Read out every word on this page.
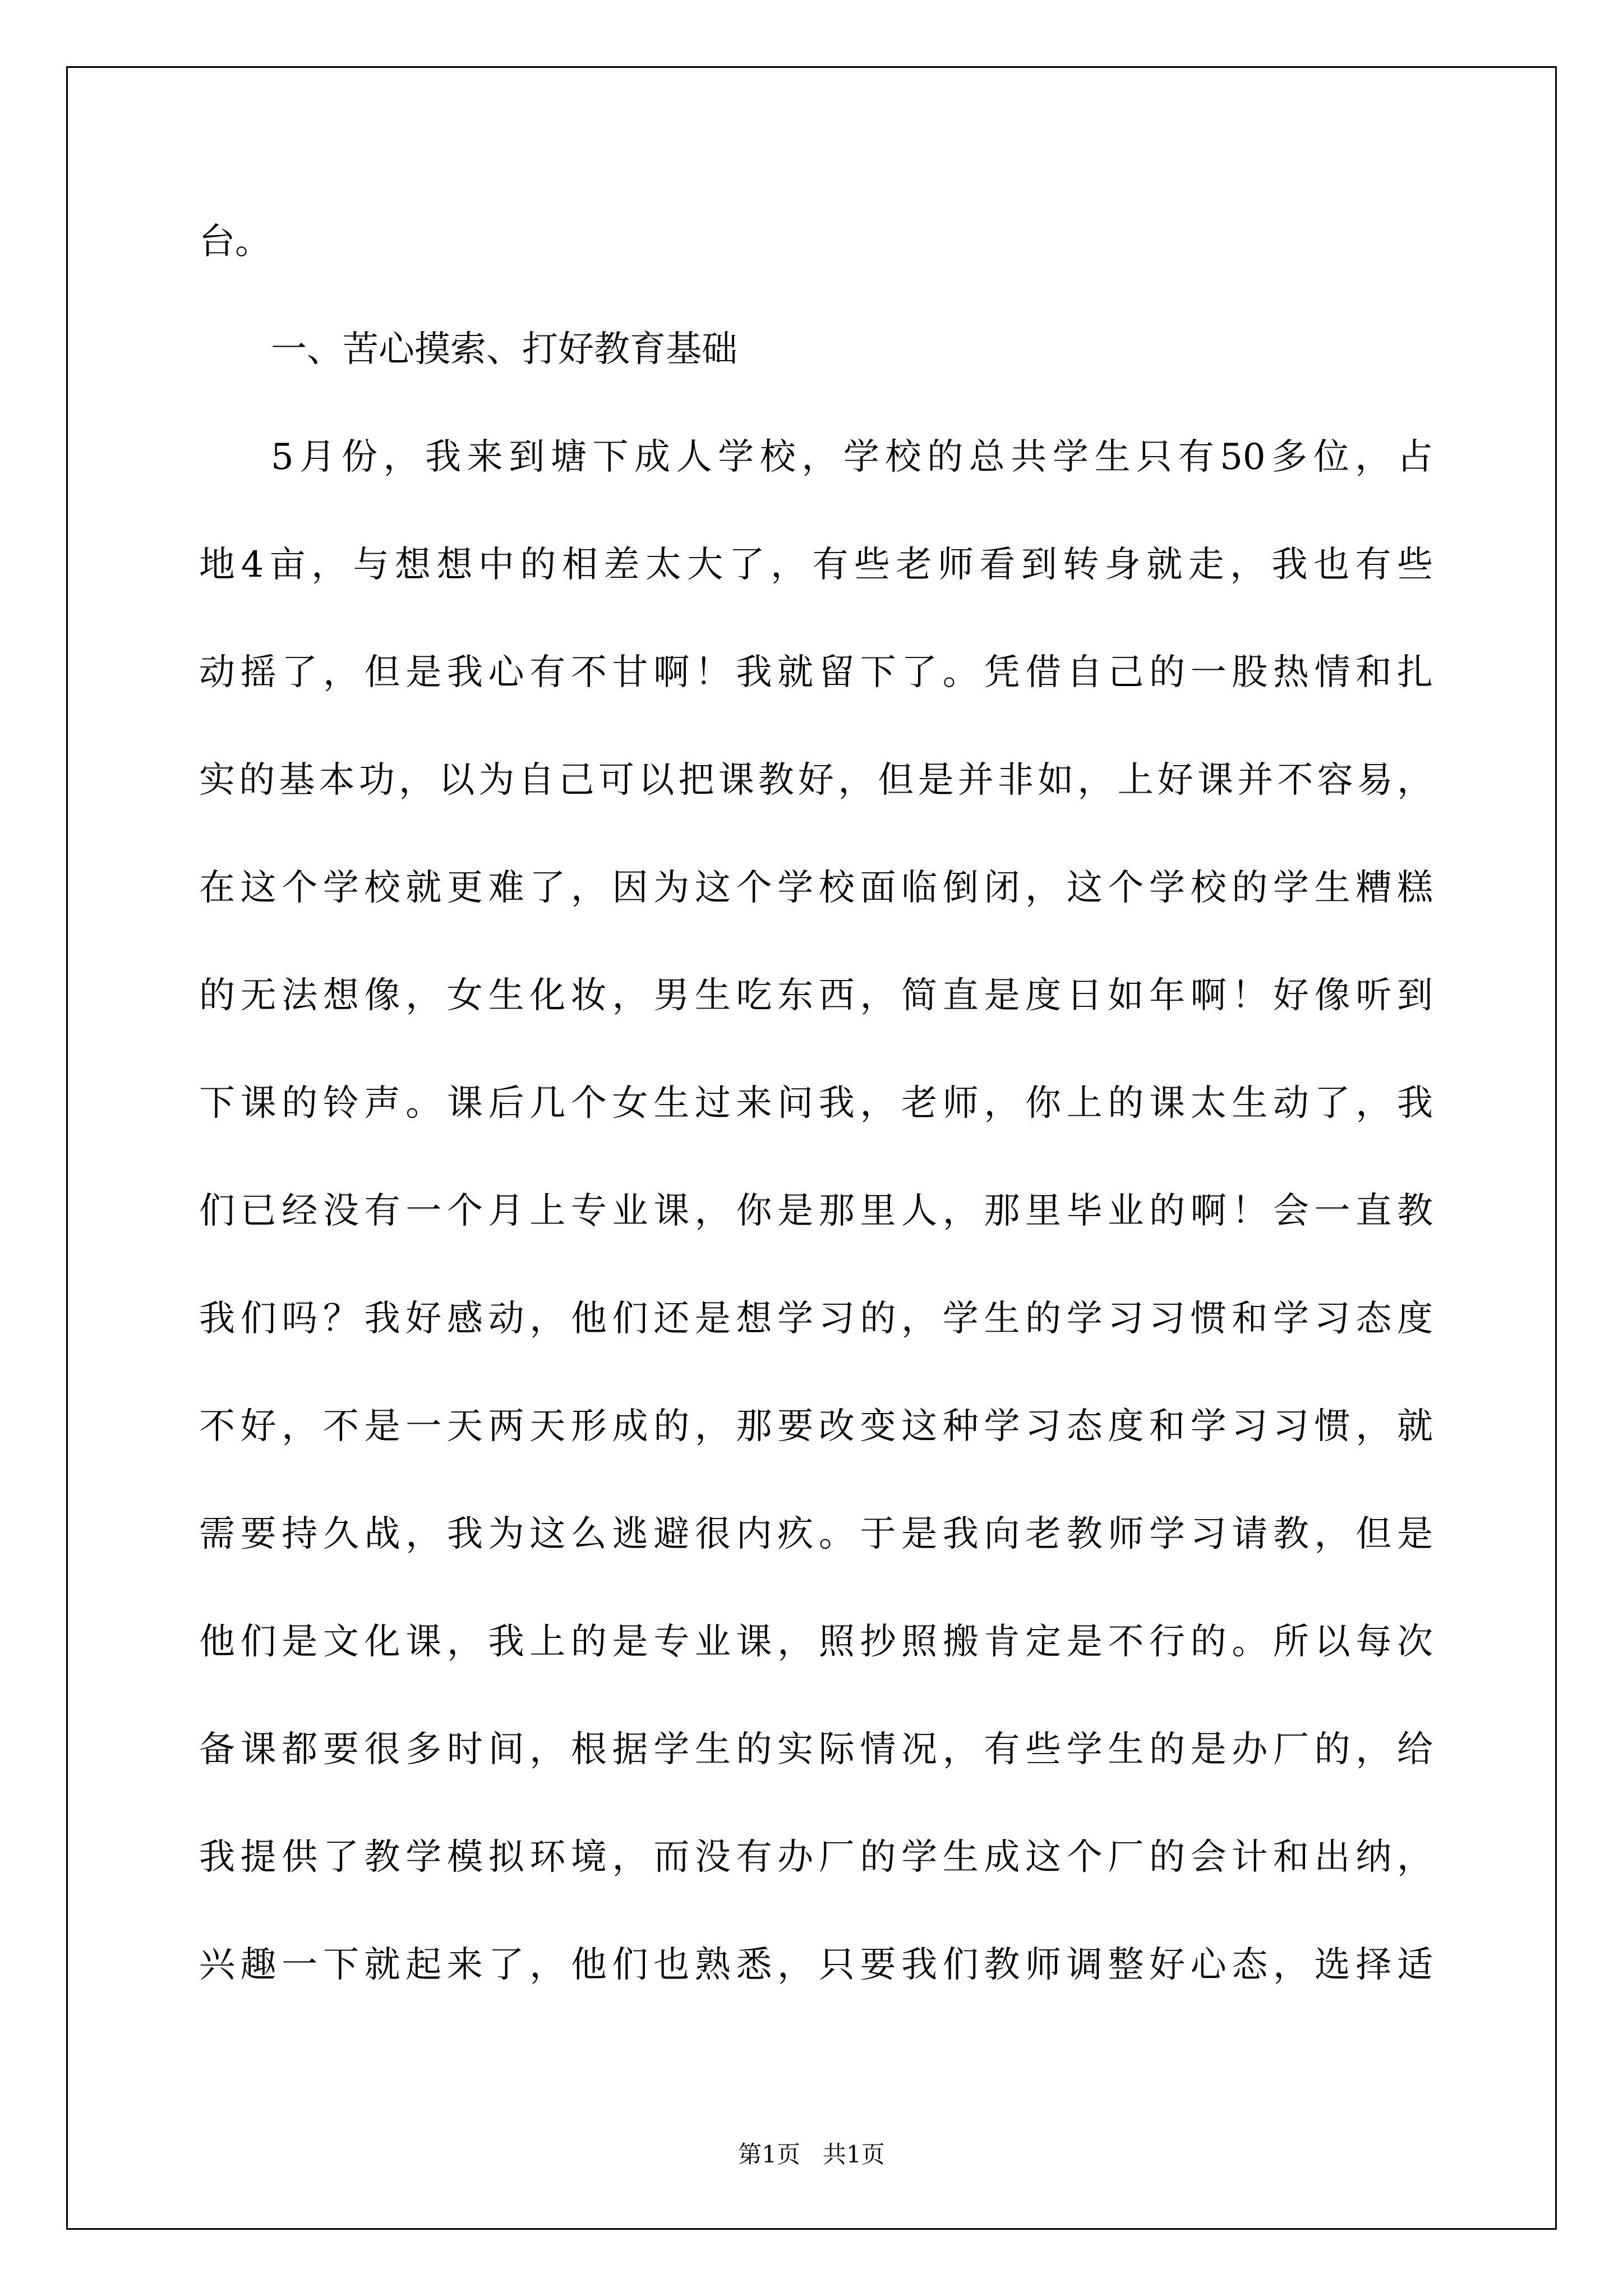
台。
一、苦心摸索、打好教育基础
5月份，我来到塘下成人学校，学校的总共学生只有50多位，占
地4亩，与想想中的相差太大了，有些老师看到转身就走，我也有些
动摇了，但是我心有不甘啊！我就留下了。凭借自己的一股热情和扎
实的基本功，以为自己可以把课教好，但是并非如，上好课并不容易，
在这个学校就更难了，因为这个学校面临倒闭，这个学校的学生糟糕
的无法想像，女生化妆，男生吃东西，简直是度日如年啊！好像听到
下课的铃声。课后几个女生过来问我，老师，你上的课太生动了，我
们已经没有一个月上专业课，你是那里人，那里毕业的啊！会一直教
我们吗？我好感动，他们还是想学习的，学生的学习习惯和学习态度
不好，不是一天两天形成的，那要改变这种学习态度和学习习惯，就
需要持久战，我为这么逃避很内疚。于是我向老教师学习请教，但是
他们是文化课，我上的是专业课，照抄照搬肯定是不行的。所以每次
备课都要很多时间，根据学生的实际情况，有些学生的是办厂的，给
我提供了教学模拟环境，而没有办厂的学生成这个厂的会计和出纳，
兴趣一下就起来了，他们也熟悉，只要我们教师调整好心态，选择适
第1页   共1页
